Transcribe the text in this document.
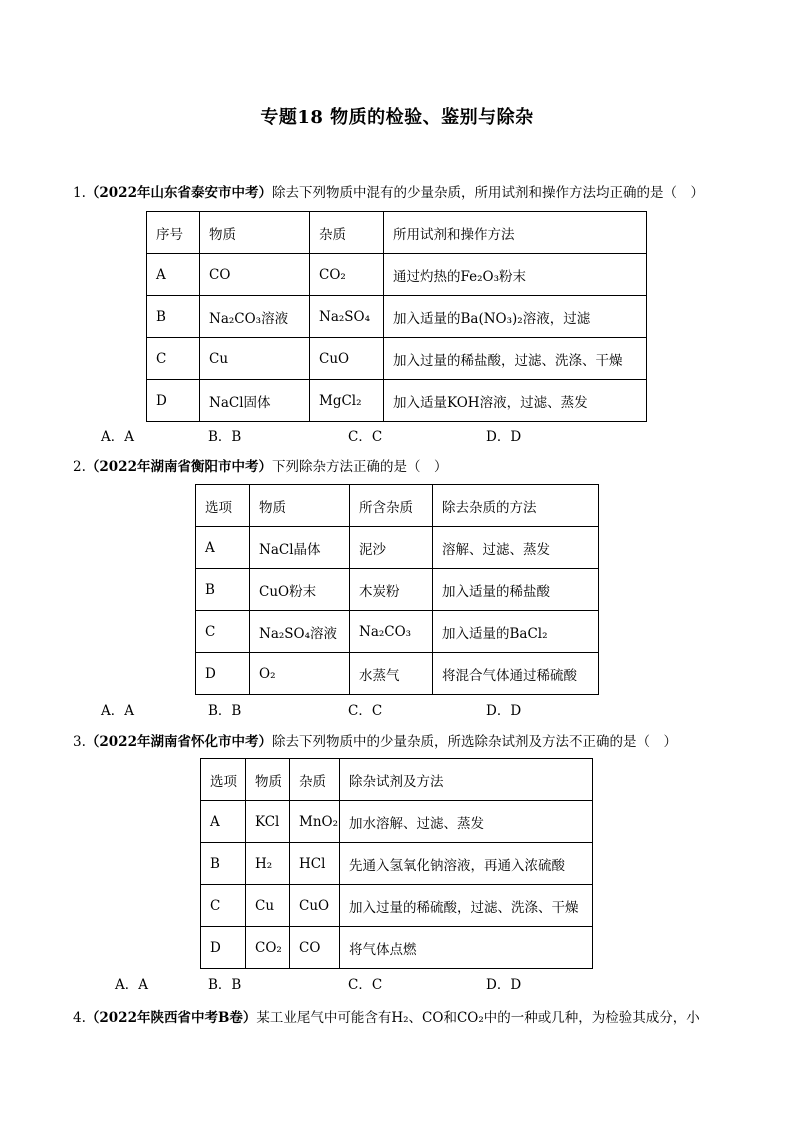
专题18 物质的检验、鉴别与除杂
1.（2022年山东省泰安市中考）除去下列物质中混有的少量杂质，所用试剂和操作方法均正确的是（　）
序号	物质	杂质	所用试剂和操作方法
A	CO	CO₂	通过灼热的Fe₂O₃粉末
B	Na₂CO₃溶液	Na₂SO₄	加入适量的Ba(NO₃)₂溶液，过滤
C	Cu	CuO	加入过量的稀盐酸，过滤、洗涤、干燥
D	NaCl固体	MgCl₂	加入适量KOH溶液，过滤、蒸发
A．A	B．B	C．C	D．D
2.（2022年湖南省衡阳市中考）下列除杂方法正确的是（　）
选项	物质	所含杂质	除去杂质的方法
A	NaCl晶体	泥沙	溶解、过滤、蒸发
B	CuO粉末	木炭粉	加入适量的稀盐酸
C	Na₂SO₄溶液	Na₂CO₃	加入适量的BaCl₂
D	O₂	水蒸气	将混合气体通过稀硫酸
A．A	B．B	C．C	D．D
3.（2022年湖南省怀化市中考）除去下列物质中的少量杂质，所选除杂试剂及方法不正确的是（　）
选项	物质	杂质	除杂试剂及方法
A	KCl	MnO₂	加水溶解、过滤、蒸发
B	H₂	HCl	先通入氢氧化钠溶液，再通入浓硫酸
C	Cu	CuO	加入过量的稀硫酸，过滤、洗涤、干燥
D	CO₂	CO	将气体点燃
A．A	B．B	C．C	D．D
4.（2022年陕西省中考B卷）某工业尾气中可能含有H₂、CO和CO₂中的一种或几种，为检验其成分，小
